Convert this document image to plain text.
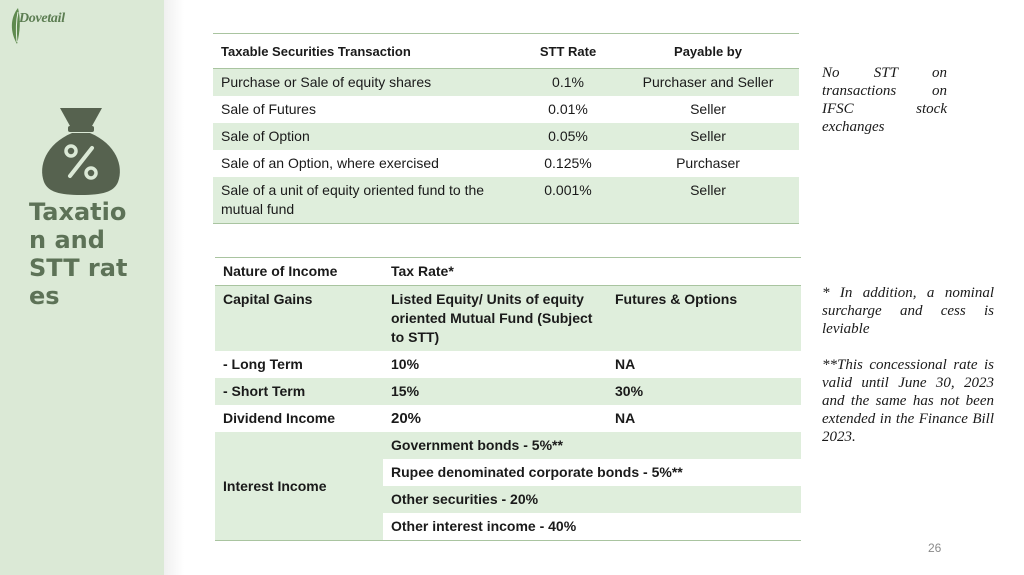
Dovetail
Taxation and STT rates
Taxable Securities Transaction	STT Rate	Payable by
Purchase or Sale of equity shares	0.1%	Purchaser and Seller
Sale of Futures	0.01%	Seller
Sale of Option	0.05%	Seller
Sale of an Option, where exercised	0.125%	Purchaser
Sale of a unit of equity oriented fund to the mutual fund	0.001%	Seller
Nature of Income	Tax Rate*	
Capital Gains	Listed Equity/ Units of equity oriented Mutual Fund (Subject to STT)	Futures & Options
- Long Term	10%	NA
- Short Term	15%	30%
Dividend Income	20%	NA
Interest Income	Government bonds - 5%**	
	Rupee denominated corporate bonds - 5%**	
	Other securities - 20%	
	Other interest income - 40%	
No STT on transactions on IFSC stock exchanges

* In addition, a nominal surcharge and cess is leviable

**This concessional rate is valid until June 30, 2023 and the same has not been extended in the Finance Bill 2023.

26
